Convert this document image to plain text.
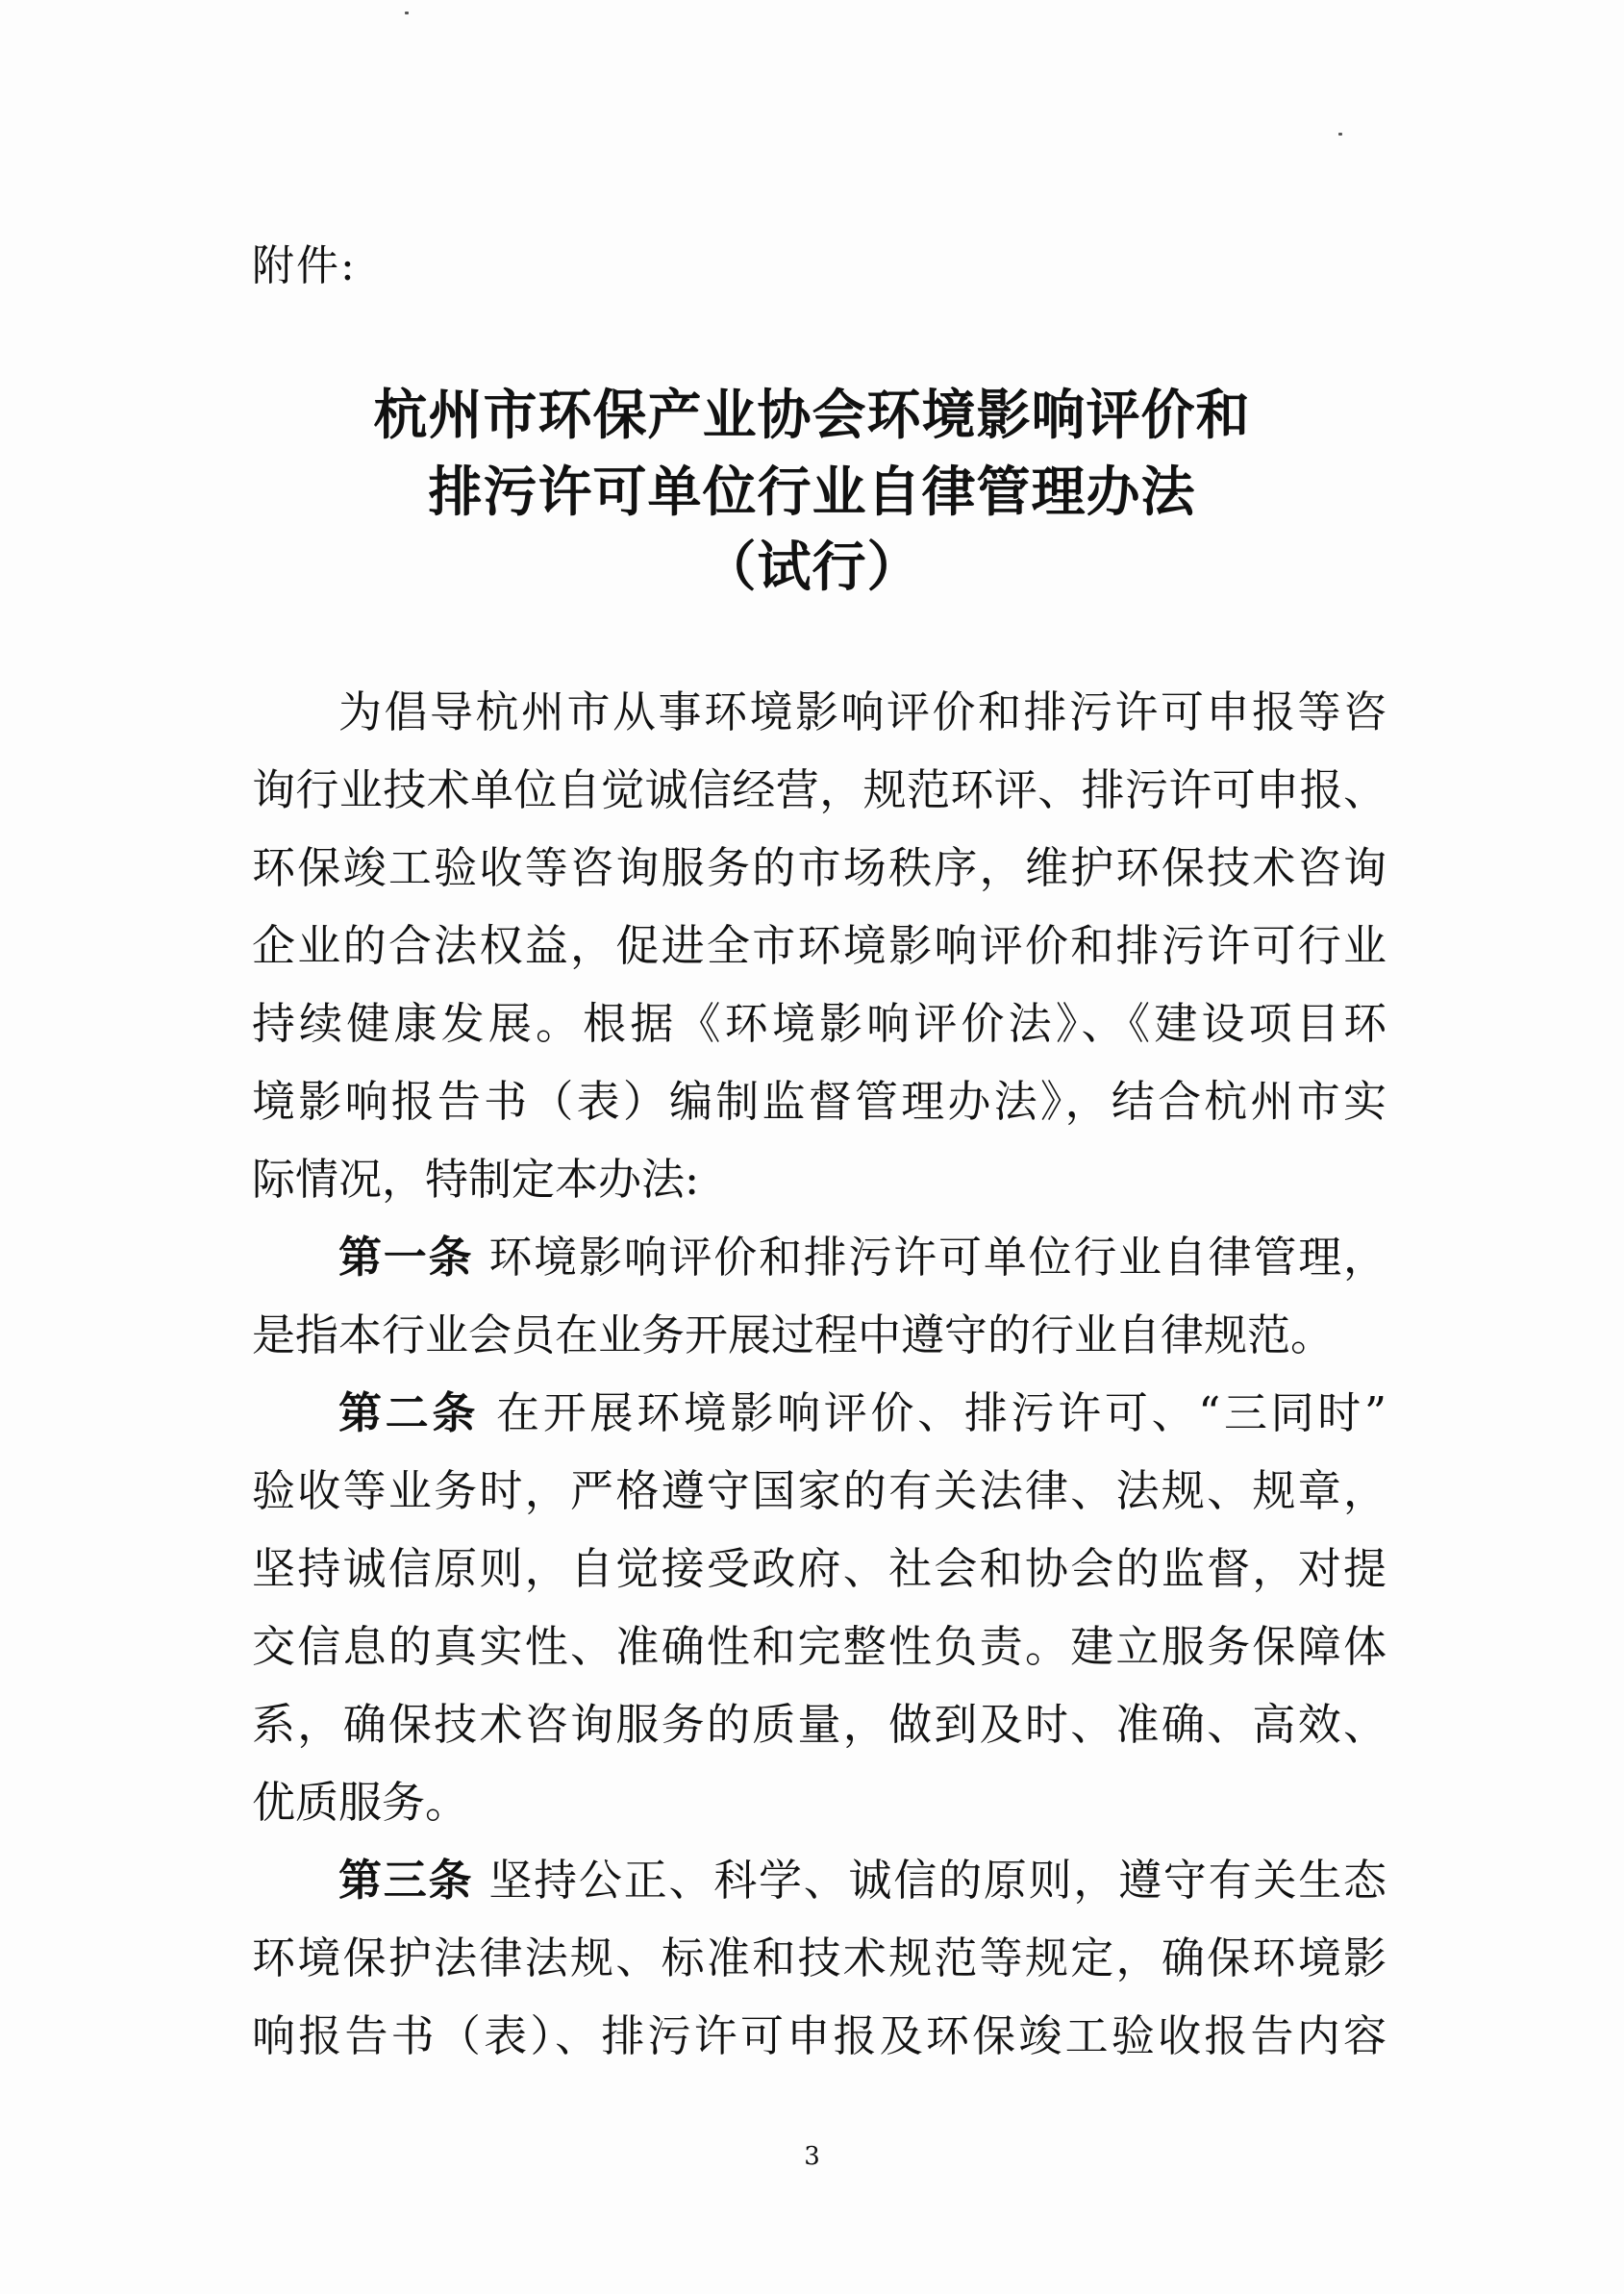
附件:
杭州市环保产业协会环境影响评价和
排污许可单位行业自律管理办法
（试行）
为倡导杭州市从事环境影响评价和排污许可申报等咨
询行业技术单位自觉诚信经营，规范环评、排污许可申报、
环保竣工验收等咨询服务的市场秩序，维护环保技术咨询
企业的合法权益，促进全市环境影响评价和排污许可行业
持续健康发展。根据《环境影响评价法》、《建设项目环
境影响报告书（表）编制监督管理办法》，结合杭州市实
际情况，特制定本办法:
第一条 环境影响评价和排污许可单位行业自律管理，
是指本行业会员在业务开展过程中遵守的行业自律规范。
第二条 在开展环境影响评价、排污许可、“三同时”
验收等业务时，严格遵守国家的有关法律、法规、规章，
坚持诚信原则，自觉接受政府、社会和协会的监督，对提
交信息的真实性、准确性和完整性负责。建立服务保障体
系，确保技术咨询服务的质量，做到及时、准确、高效、
优质服务。
第三条 坚持公正、科学、诚信的原则，遵守有关生态
环境保护法律法规、标准和技术规范等规定，确保环境影
响报告书（表）、排污许可申报及环保竣工验收报告内容
3
